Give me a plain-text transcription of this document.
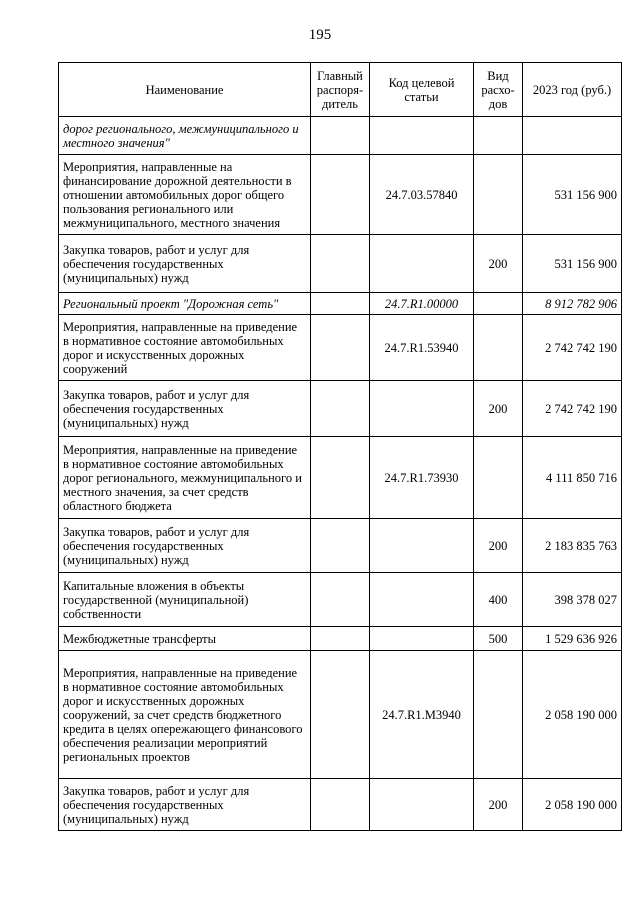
195
Наименование	Главный распоря-дитель	Код целевой статьи	Вид расхо-дов	2023 год (руб.)
дорог регионального, межмуниципального и местного значения"				
Мероприятия, направленные на финансирование дорожной деятельности в отношении автомобильных дорог общего пользования регионального или межмуниципального, местного значения		24.7.03.57840		531 156 900
Закупка товаров, работ и услуг для обеспечения государственных (муниципальных) нужд			200	531 156 900
Региональный проект "Дорожная сеть"		24.7.R1.00000		8 912 782 906
Мероприятия, направленные на приведение в нормативное состояние автомобильных дорог и искусственных дорожных сооружений		24.7.R1.53940		2 742 742 190
Закупка товаров, работ и услуг для обеспечения государственных (муниципальных) нужд			200	2 742 742 190
Мероприятия, направленные на приведение в нормативное состояние автомобильных дорог регионального, межмуниципального и местного значения, за счет средств областного бюджета		24.7.R1.73930		4 111 850 716
Закупка товаров, работ и услуг для обеспечения государственных (муниципальных) нужд			200	2 183 835 763
Капитальные вложения в объекты государственной (муниципальной) собственности			400	398 378 027
Межбюджетные трансферты			500	1 529 636 926
Мероприятия, направленные на приведение в нормативное состояние автомобильных дорог и искусственных дорожных сооружений, за счет средств бюджетного кредита в целях опережающего финансового обеспечения реализации мероприятий региональных проектов		24.7.R1.M3940		2 058 190 000
Закупка товаров, работ и услуг для обеспечения государственных (муниципальных) нужд			200	2 058 190 000
